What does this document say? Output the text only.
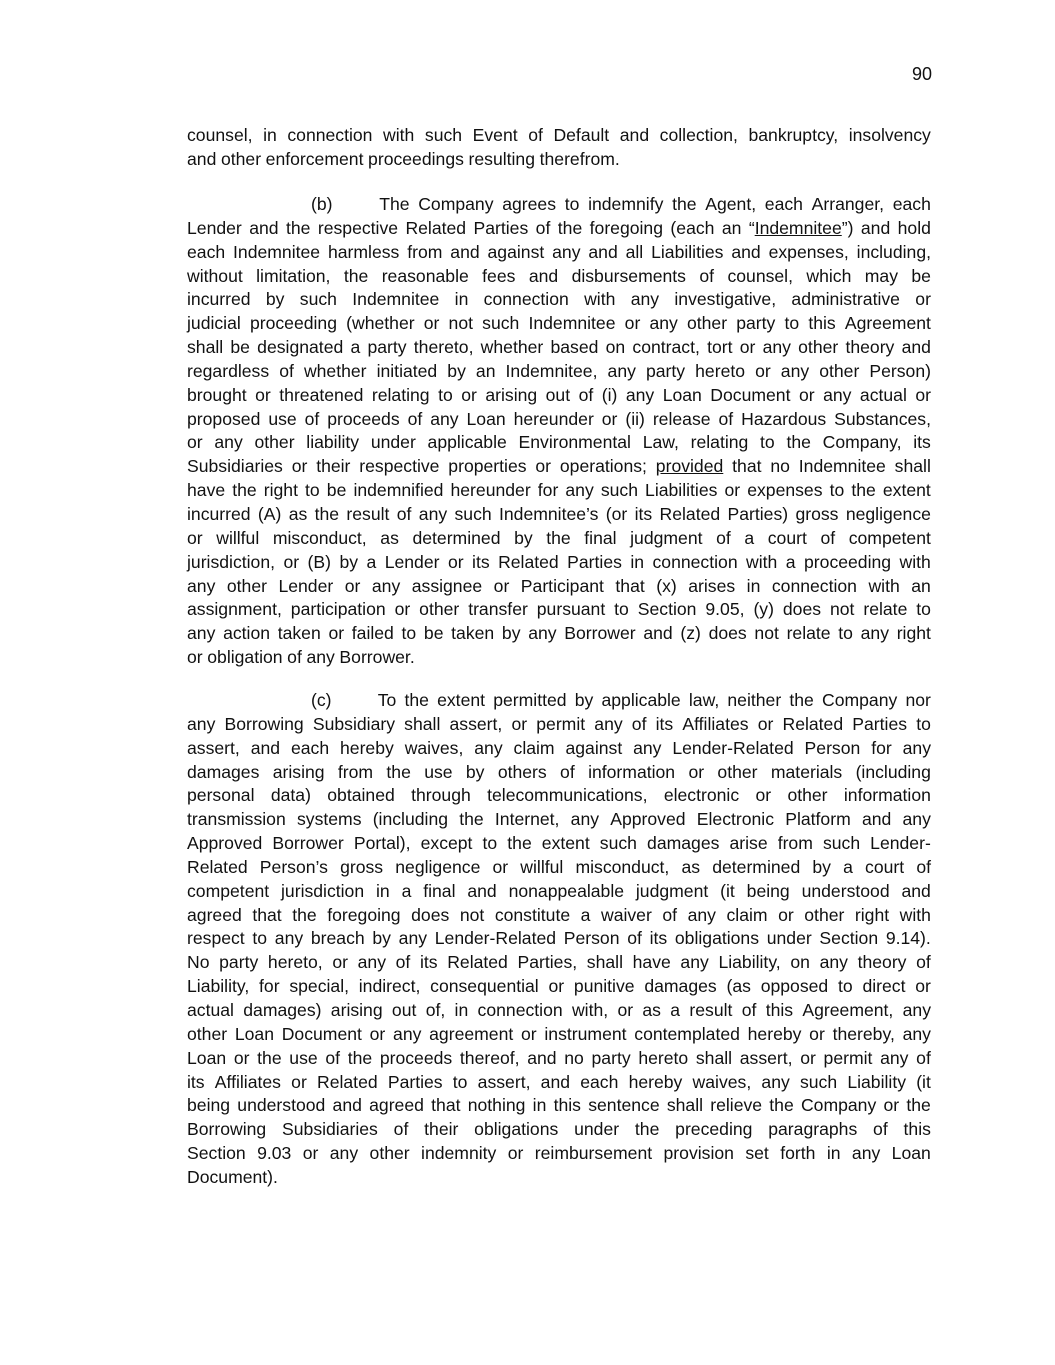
90
counsel, in connection with such Event of Default and collection, bankruptcy, insolvency
and other enforcement proceedings resulting therefrom.
(b)	The Company agrees to indemnify the Agent, each Arranger, each
Lender and the respective Related Parties of the foregoing (each an “Indemnitee”) and hold
each Indemnitee harmless from and against any and all Liabilities and expenses, including,
without limitation, the reasonable fees and disbursements of counsel, which may be
incurred by such Indemnitee in connection with any investigative, administrative or
judicial proceeding (whether or not such Indemnitee or any other party to this Agreement
shall be designated a party thereto, whether based on contract, tort or any other theory and
regardless of whether initiated by an Indemnitee, any party hereto or any other Person)
brought or threatened relating to or arising out of (i) any Loan Document or any actual or
proposed use of proceeds of any Loan hereunder or (ii) release of Hazardous Substances,
or any other liability under applicable Environmental Law, relating to the Company, its
Subsidiaries or their respective properties or operations; provided that no Indemnitee shall
have the right to be indemnified hereunder for any such Liabilities or expenses to the extent
incurred (A) as the result of any such Indemnitee’s (or its Related Parties) gross negligence
or willful misconduct, as determined by the final judgment of a court of competent
jurisdiction, or (B) by a Lender or its Related Parties in connection with a proceeding with
any other Lender or any assignee or Participant that (x) arises in connection with an
assignment, participation or other transfer pursuant to Section 9.05, (y) does not relate to
any action taken or failed to be taken by any Borrower and (z) does not relate to any right
or obligation of any Borrower.
(c)	To the extent permitted by applicable law, neither the Company nor
any Borrowing Subsidiary shall assert, or permit any of its Affiliates or Related Parties to
assert, and each hereby waives, any claim against any Lender-Related Person for any
damages arising from the use by others of information or other materials (including
personal data) obtained through telecommunications, electronic or other information
transmission systems (including the Internet, any Approved Electronic Platform and any
Approved Borrower Portal), except to the extent such damages arise from such Lender-
Related Person’s gross negligence or willful misconduct, as determined by a court of
competent jurisdiction in a final and nonappealable judgment (it being understood and
agreed that the foregoing does not constitute a waiver of any claim or other right with
respect to any breach by any Lender-Related Person of its obligations under Section 9.14).
No party hereto, or any of its Related Parties, shall have any Liability, on any theory of
Liability, for special, indirect, consequential or punitive damages (as opposed to direct or
actual damages) arising out of, in connection with, or as a result of this Agreement, any
other Loan Document or any agreement or instrument contemplated hereby or thereby, any
Loan or the use of the proceeds thereof, and no party hereto shall assert, or permit any of
its Affiliates or Related Parties to assert, and each hereby waives, any such Liability (it
being understood and agreed that nothing in this sentence shall relieve the Company or the
Borrowing Subsidiaries of their obligations under the preceding paragraphs of this
Section 9.03 or any other indemnity or reimbursement provision set forth in any Loan
Document).
